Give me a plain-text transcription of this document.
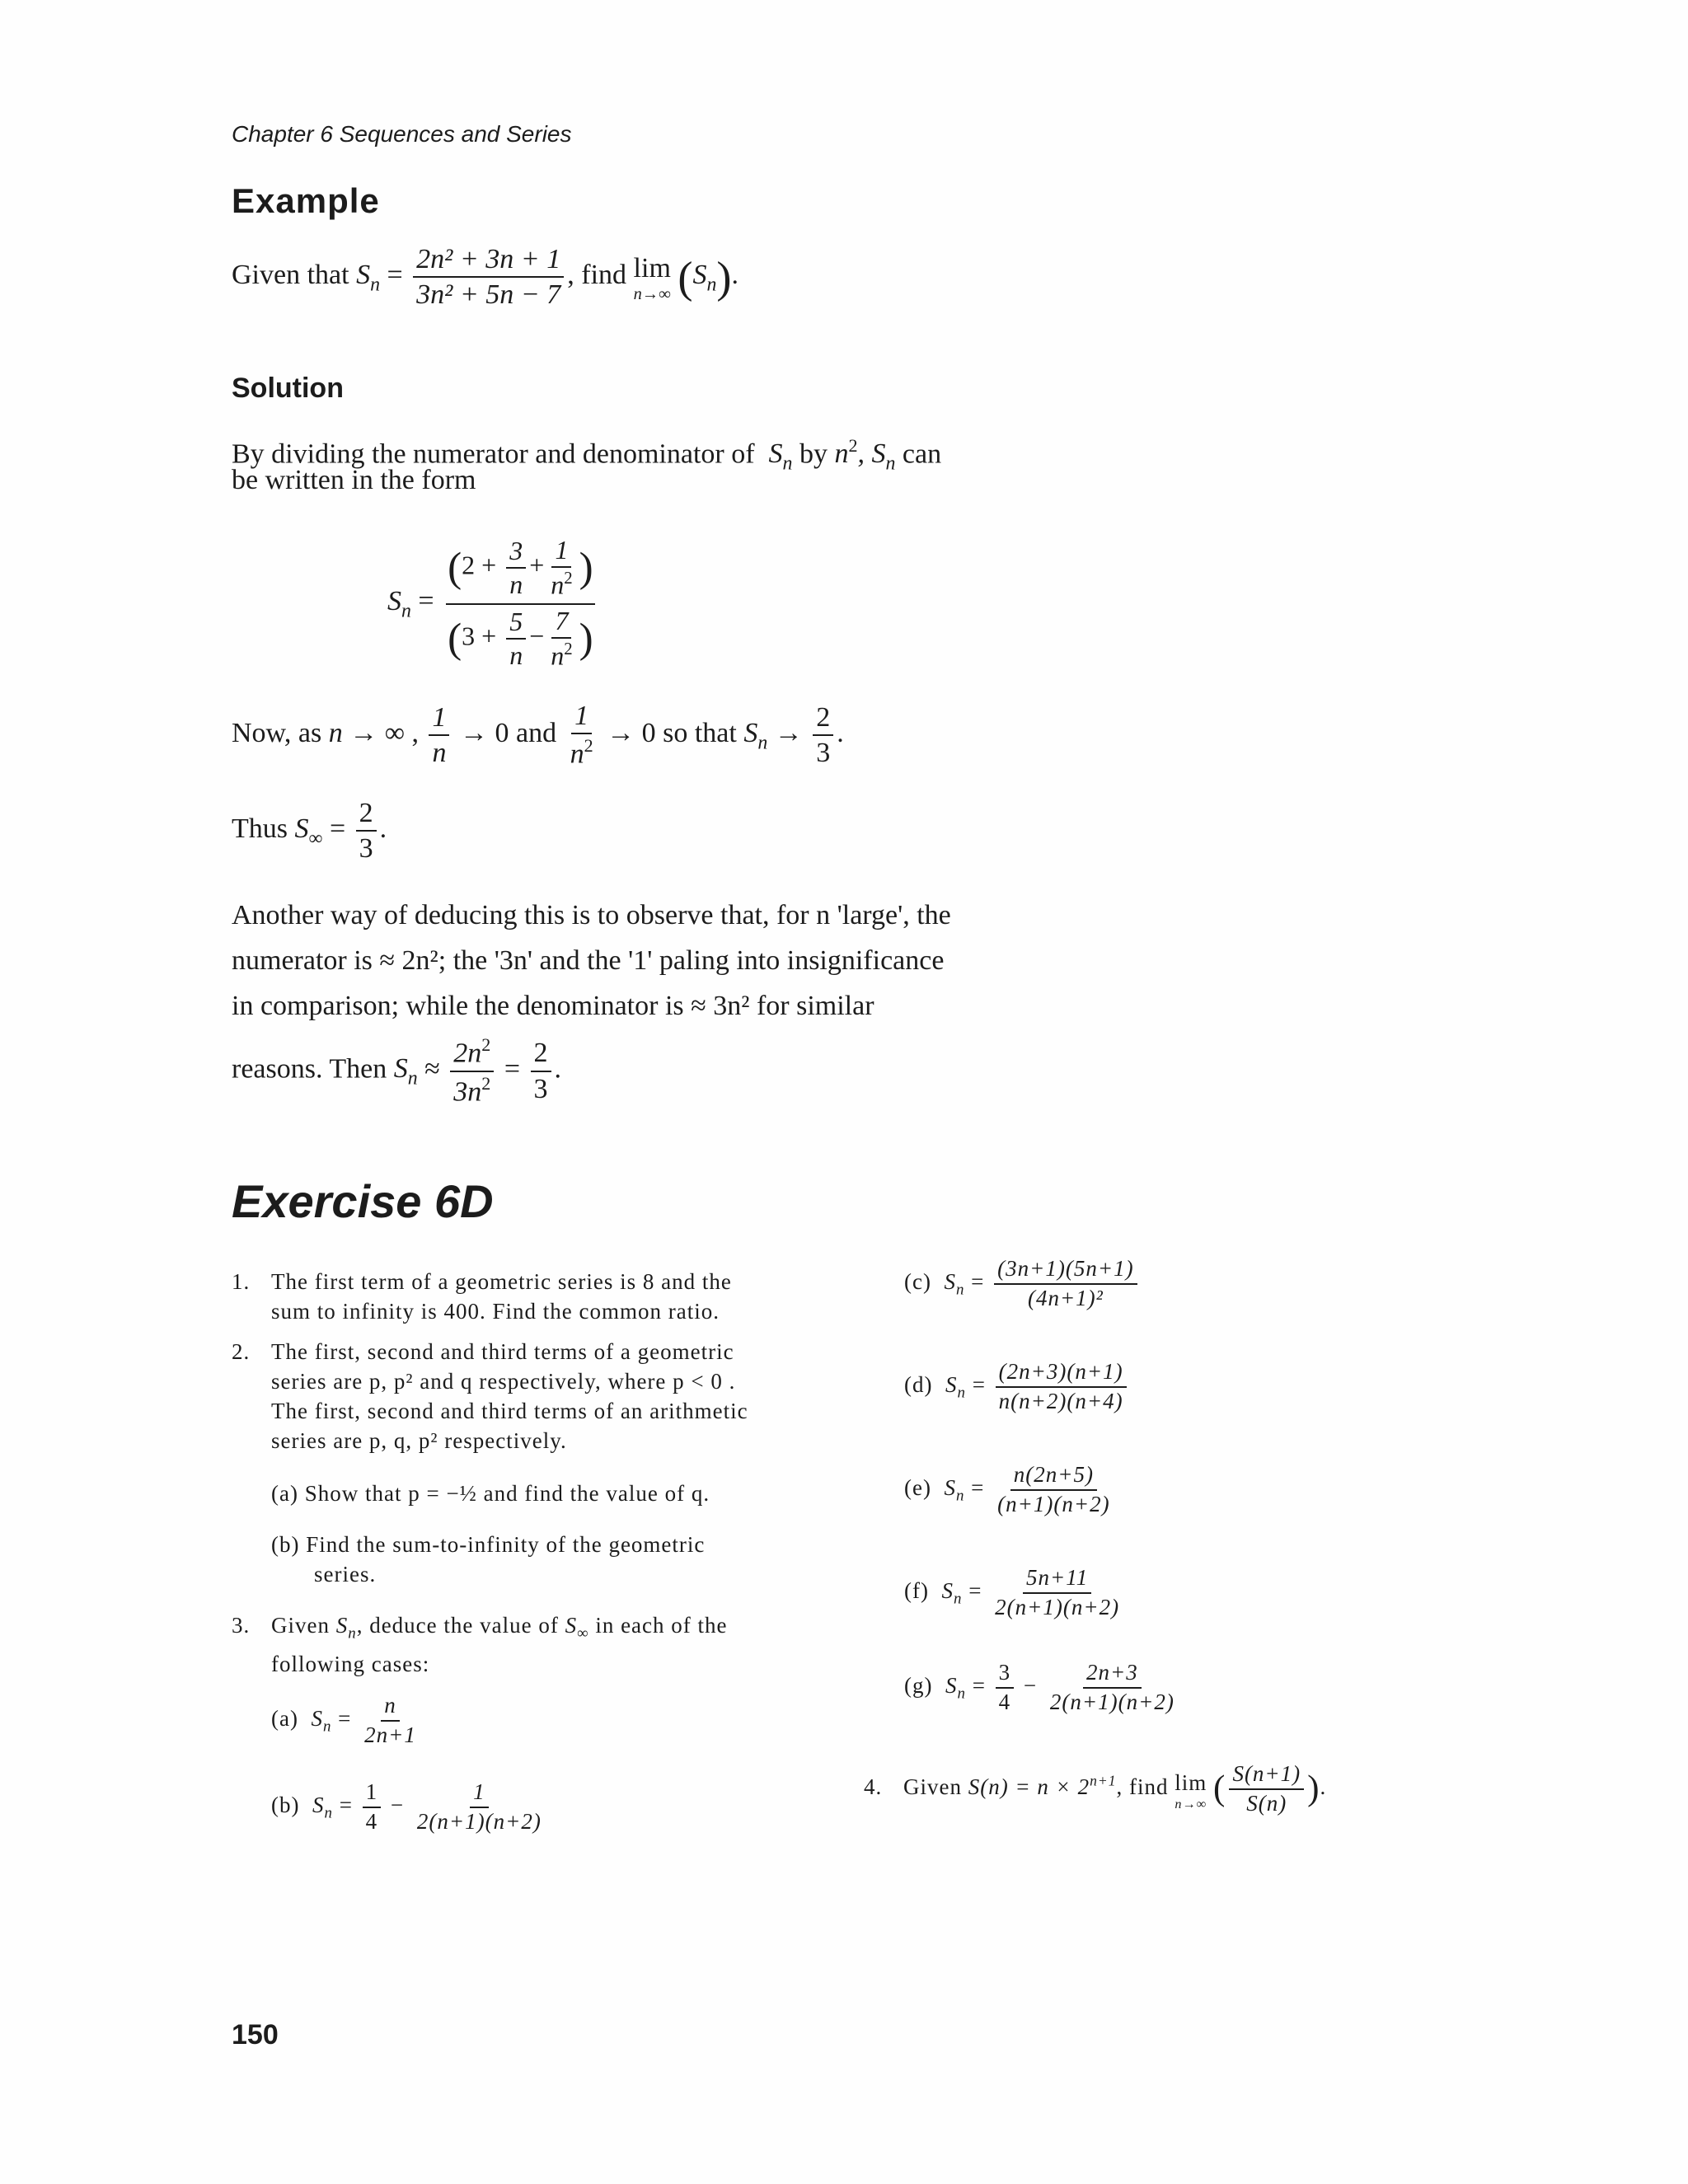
Chapter 6 Sequences and Series
Example
Given that $S_n = \frac{\text{2n² + 3n + 1}}{\text{3n² + 5n − 7}}$ , find lim
n→∞ $(S_n)$.
Solution
By dividing the numerator and denominator of  $S_n$ by $n^2$, $S_n$ can
be written in the form
$S_n = \frac{(2 + \frac{3}{n} + \frac{1}{n^2} )}{(3 + \frac{5}{n} - \frac{7}{n^2} )}$
Now, as n → ∞ , $\frac{1}{n} \to 0$ and $\frac{1}{n^2} \to 0$ so that $S_n \to \frac{2}{3}$ .
Thus $S_\infty = \frac{2}{3}$ .
Another way of deducing this is to observe that, for n 'large', the
numerator is ≈ 2n²; the '3n' and the '1' paling into insignificance
in comparison; while the denominator is ≈ 3n² for similar
reasons. Then $S_n \approx \frac{2n^2}{3n^2} = \frac{2}{3}$ .
Exercise 6D
1. The first term of a geometric series is 8 and the
sum to infinity is 400. Find the common ratio.
2. The first, second and third terms of a geometric
series are p, p² and q respectively, where p < 0 .
The first, second and third terms of an arithmetic
series are p, q, p² respectively.
(a) Show that p = −½ and find the value of q.
(b) Find the sum-to-infinity of the geometric
series.
3. Given $S_n$, deduce the value of $S_\infty$ in each of the
following cases:
(a) $S_n = \frac{n}{2n+1}$
(b) $S_n = \frac{1}{4} - \frac{1}{2(n+1)(n+2)}$
(c) $S_n = \frac{(3n+1)(5n+1)}{\text{(4n+1)²}}$
(d) $S_n = \frac{(2n+3)(n+1)}{n(n+2)(n+4)}$
(e) $S_n = \frac{n(2n+5)}{(n+1)(n+2)}$
(f) $S_n = \frac{5n+11}{2(n+1)(n+2)}$
(g) $S_n = \frac{3}{4} - \frac{2n+3}{2(n+1)(n+2)}$
4. Given $S(n) = n \times 2^{n+1}$, find lim
n→∞ ( $\frac{S(n+1)}{S(n)}$ ).
150
